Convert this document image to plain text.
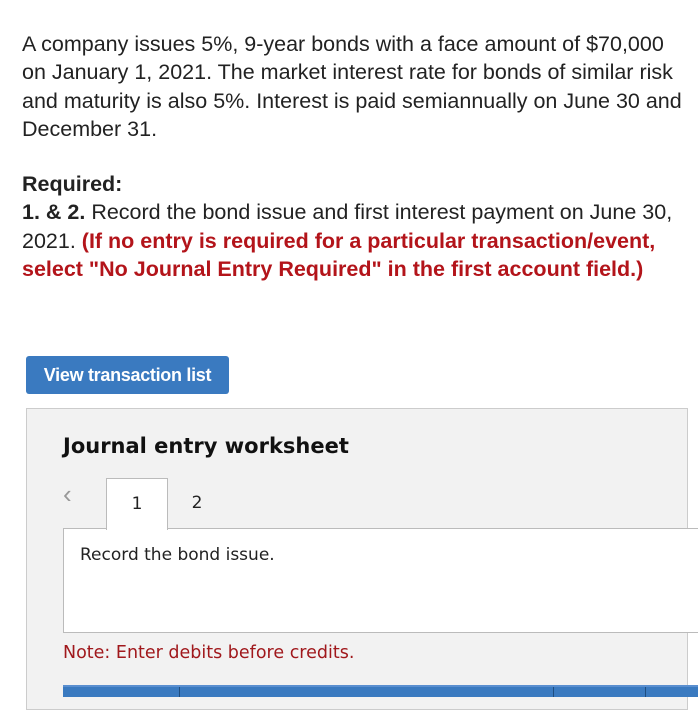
A company issues 5%, 9-year bonds with a face amount of $70,000 on January 1, 2021. The market interest rate for bonds of similar risk and maturity is also 5%. Interest is paid semiannually on June 30 and December 31.
Required:
1. & 2. Record the bond issue and first interest payment on June 30, 2021. (If no entry is required for a particular transaction/event, select "No Journal Entry Required" in the first account field.)
View transaction list
Journal entry worksheet
‹	1	2
Record the bond issue.
Note: Enter debits before credits.
